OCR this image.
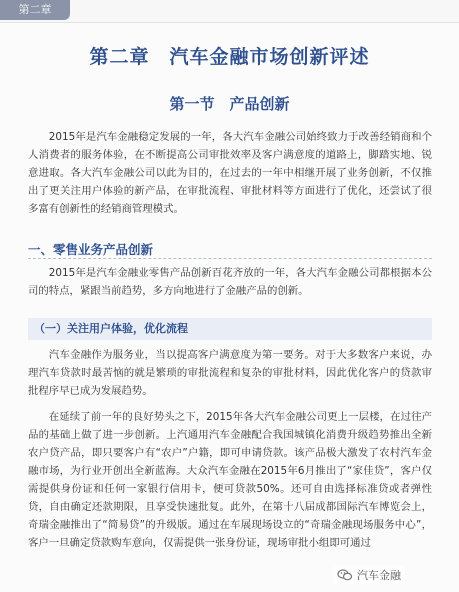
第二章
第二章　汽车金融市场创新评述
第一节　产品创新
2015年是汽车金融稳定发展的一年，各大汽车金融公司始终致力于改善经销商和个人消费者的服务体验，在不断提高公司审批效率及客户满意度的道路上，脚踏实地、锐意进取。各大汽车金融公司以此为目的，在过去的一年中相继开展了业务创新，不仅推出了更关注用户体验的新产品，在审批流程、审批材料等方面进行了优化，还尝试了很多富有创新性的经销商管理模式。
一、零售业务产品创新
2015年是汽车金融业零售产品创新百花齐放的一年，各大汽车金融公司都根据本公司的特点，紧跟当前趋势，多方向地进行了金融产品的创新。
（一）关注用户体验，优化流程
汽车金融作为服务业，当以提高客户满意度为第一要务。对于大多数客户来说，办理汽车贷款时最苦恼的就是繁琐的审批流程和复杂的审批材料，因此优化客户的贷款审批程序早已成为发展趋势。
在延续了前一年的良好势头之下，2015年各大汽车金融公司更上一层楼，在过往产品的基础上做了进一步创新。上汽通用汽车金融配合我国城镇化消费升级趋势推出全新农户贷产品，即只要客户有“农户”户籍，即可申请贷款。该产品极大激发了农村汽车金融市场，为行业开创出全新蓝海。大众汽车金融在2015年6月推出了“家佳贷”，客户仅需提供身份证和任何一家银行信用卡，便可贷款50%。还可自由选择标准贷或者弹性贷，自由确定还款期限，且享受快速批复。此外，在第十八届成都国际汽车博览会上，奇瑞金融推出了“简易贷”的升级版。通过在车展现场设立的“奇瑞金融现场服务中心”，客户一旦确定贷款购车意向，仅需提供一张身份证，现场审批小组即可通过
汽车金融
